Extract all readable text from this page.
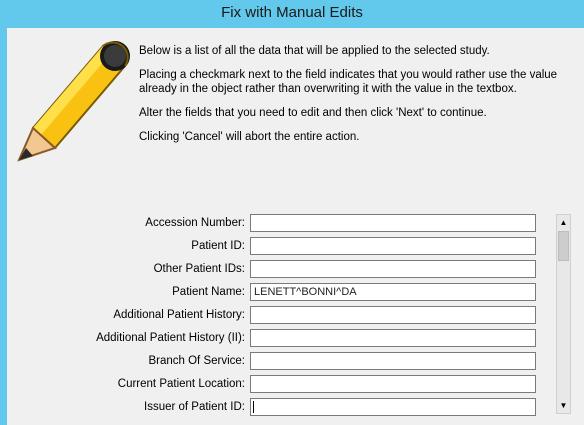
Fix with Manual Edits

Below is a list of all the data that will be applied to the selected study.

Placing a checkmark next to the field indicates that you would rather use the value already in the object rather than overwriting it with the value in the textbox.

Alter the fields that you need to edit and then click 'Next' to continue.

Clicking 'Cancel' will abort the entire action.

Accession Number:
Patient ID:
Other Patient IDs:
Patient Name:
LENETT^BONNI^DA
Additional Patient History:
Additional Patient History (II):
Branch Of Service:
Current Patient Location:
Issuer of Patient ID:
▲
▼
